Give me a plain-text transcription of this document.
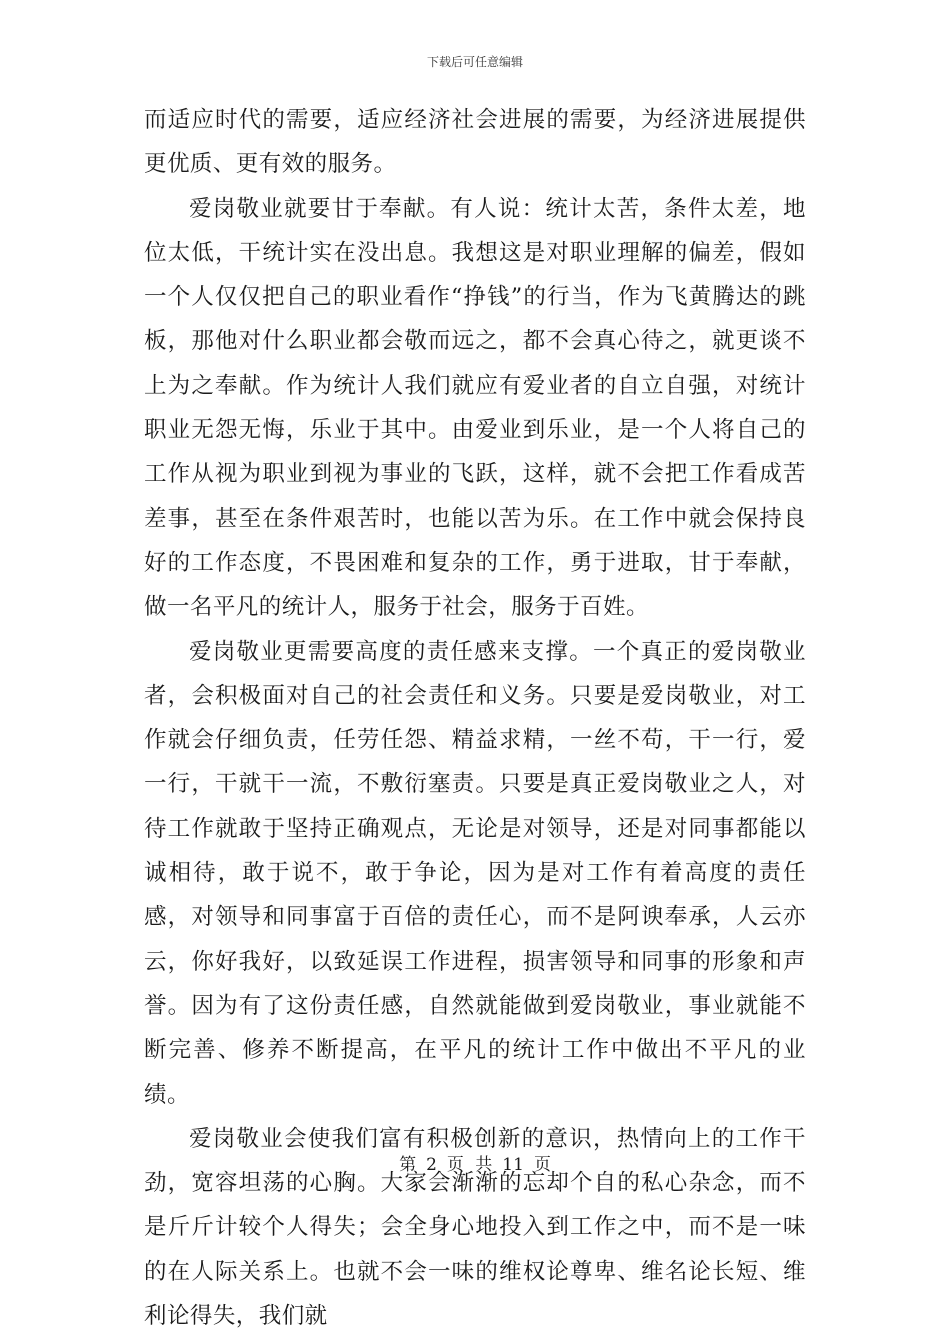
下载后可任意编辑

而适应时代的需要，适应经济社会进展的需要，为经济进展提供更优质、更有效的服务。

爱岗敬业就要甘于奉献。有人说：统计太苦，条件太差，地位太低，干统计实在没出息。我想这是对职业理解的偏差，假如一个人仅仅把自己的职业看作“挣钱”的行当，作为飞黄腾达的跳板，那他对什么职业都会敬而远之，都不会真心待之，就更谈不上为之奉献。作为统计人我们就应有爱业者的自立自强，对统计职业无怨无悔，乐业于其中。由爱业到乐业，是一个人将自己的工作从视为职业到视为事业的飞跃，这样，就不会把工作看成苦差事，甚至在条件艰苦时，也能以苦为乐。在工作中就会保持良好的工作态度，不畏困难和复杂的工作，勇于进取，甘于奉献，做一名平凡的统计人，服务于社会，服务于百姓。

爱岗敬业更需要高度的责任感来支撑。一个真正的爱岗敬业者，会积极面对自己的社会责任和义务。只要是爱岗敬业，对工作就会仔细负责，任劳任怨、精益求精，一丝不苟，干一行，爱一行，干就干一流，不敷衍塞责。只要是真正爱岗敬业之人，对待工作就敢于坚持正确观点，无论是对领导，还是对同事都能以诚相待，敢于说不，敢于争论，因为是对工作有着高度的责任感，对领导和同事富于百倍的责任心，而不是阿谀奉承，人云亦云，你好我好，以致延误工作进程，损害领导和同事的形象和声誉。因为有了这份责任感，自然就能做到爱岗敬业，事业就能不断完善、修养不断提高，在平凡的统计工作中做出不平凡的业绩。

爱岗敬业会使我们富有积极创新的意识，热情向上的工作干劲，宽容坦荡的心胸。大家会渐渐的忘却个自的私心杂念，而不是斤斤计较个人得失；会全身心地投入到工作之中，而不是一味的在人际关系上。也就不会一味的维权论尊卑、维名论长短、维利论得失，我们就

第 2 页 共 11 页
